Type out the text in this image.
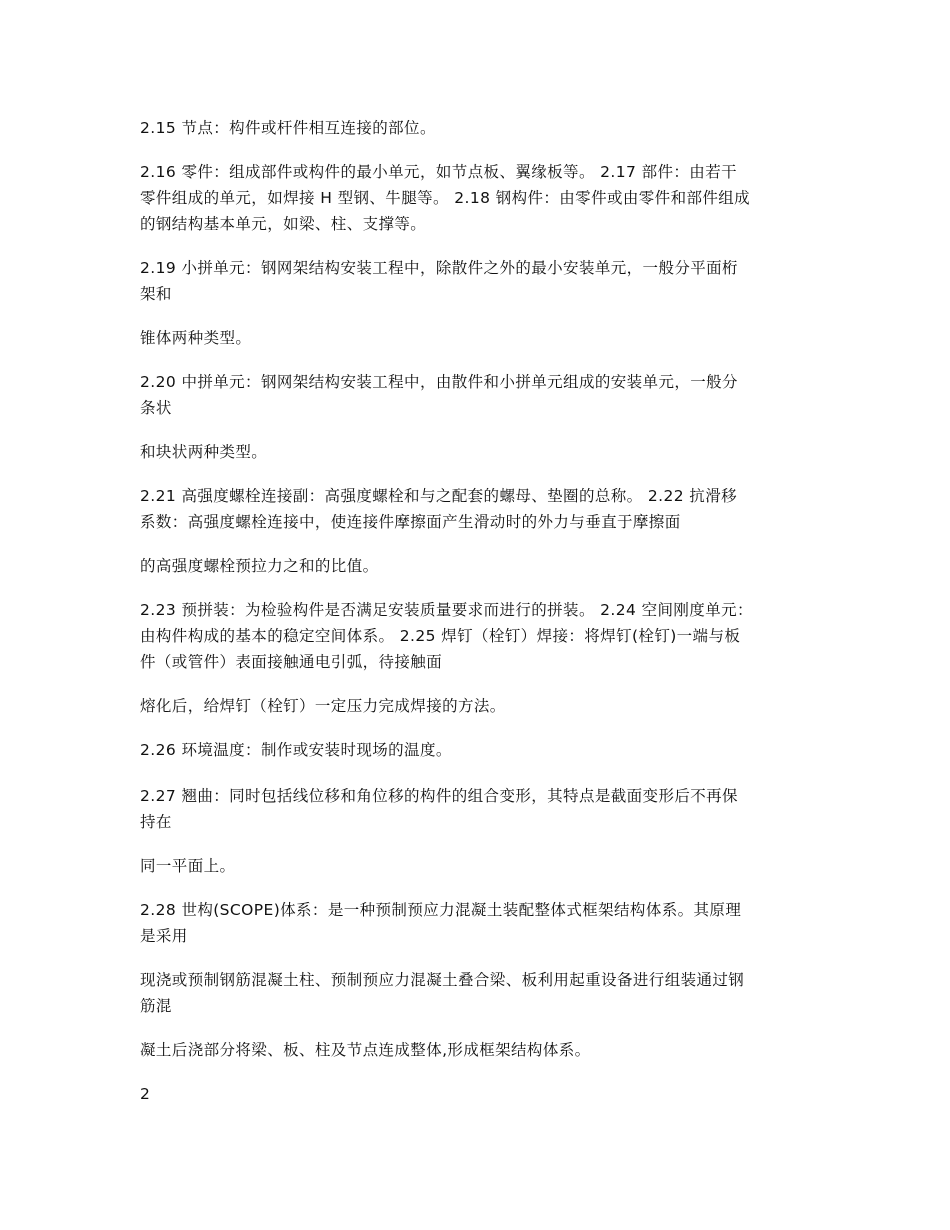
2.15 节点：构件或杆件相互连接的部位。

2.16 零件：组成部件或构件的最小单元，如节点板、翼缘板等。 2.17 部件：由若干
零件组成的单元，如焊接 H 型钢、牛腿等。 2.18 钢构件：由零件或由零件和部件组成
的钢结构基本单元，如梁、柱、支撑等。

2.19 小拼单元：钢网架结构安装工程中，除散件之外的最小安装单元，一般分平面桁
架和

锥体两种类型。

2.20 中拼单元：钢网架结构安装工程中，由散件和小拼单元组成的安装单元，一般分
条状

和块状两种类型。

2.21 高强度螺栓连接副：高强度螺栓和与之配套的螺母、垫圈的总称。 2.22 抗滑移
系数：高强度螺栓连接中，使连接件摩擦面产生滑动时的外力与垂直于摩擦面

的高强度螺栓预拉力之和的比值。

2.23 预拼装：为检验构件是否满足安装质量要求而进行的拼装。 2.24 空间刚度单元：
由构件构成的基本的稳定空间体系。 2.25 焊钉（栓钉）焊接：将焊钉(栓钉)一端与板
件（或管件）表面接触通电引弧，待接触面

熔化后，给焊钉（栓钉）一定压力完成焊接的方法。

2.26 环境温度：制作或安装时现场的温度。

2.27 翘曲：同时包括线位移和角位移的构件的组合变形，其特点是截面变形后不再保
持在

同一平面上。

2.28 世构(SCOPE)体系：是一种预制预应力混凝土装配整体式框架结构体系。其原理
是采用

现浇或预制钢筋混凝土柱、预制预应力混凝土叠合梁、板利用起重设备进行组装通过钢
筋混

凝土后浇部分将梁、板、柱及节点连成整体,形成框架结构体系。

2
